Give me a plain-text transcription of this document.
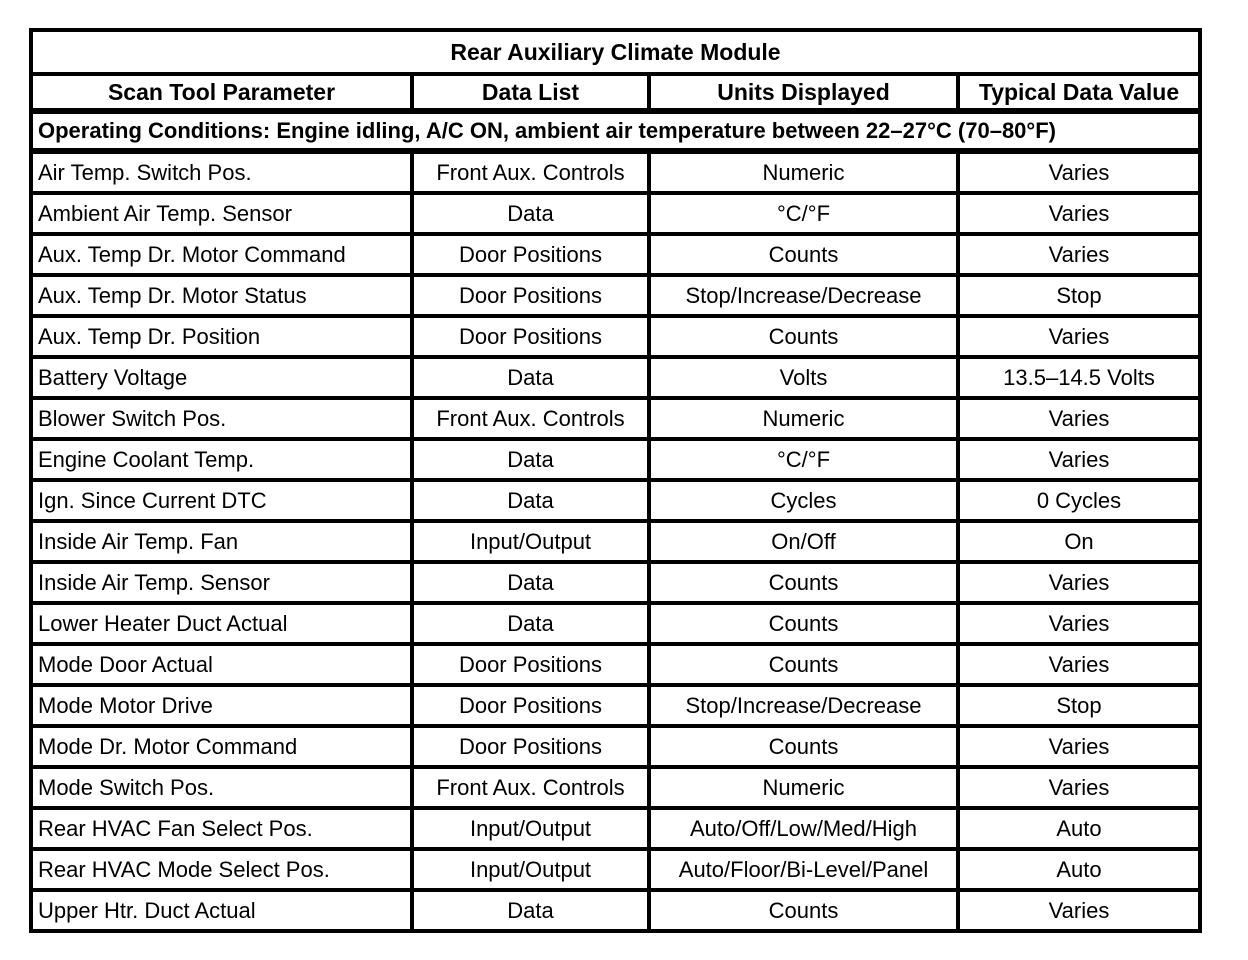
Rear Auxiliary Climate Module			
Scan Tool Parameter	Data List	Units Displayed	Typical Data Value
Operating Conditions: Engine idling, A/C ON, ambient air temperature between 22–27°C (70–80°F)			
Air Temp. Switch Pos.	Front Aux. Controls	Numeric	Varies
Ambient Air Temp. Sensor	Data	°C/°F	Varies
Aux. Temp Dr. Motor Command	Door Positions	Counts	Varies
Aux. Temp Dr. Motor Status	Door Positions	Stop/Increase/Decrease	Stop
Aux. Temp Dr. Position	Door Positions	Counts	Varies
Battery Voltage	Data	Volts	13.5–14.5 Volts
Blower Switch Pos.	Front Aux. Controls	Numeric	Varies
Engine Coolant Temp.	Data	°C/°F	Varies
Ign. Since Current DTC	Data	Cycles	0 Cycles
Inside Air Temp. Fan	Input/Output	On/Off	On
Inside Air Temp. Sensor	Data	Counts	Varies
Lower Heater Duct Actual	Data	Counts	Varies
Mode Door Actual	Door Positions	Counts	Varies
Mode Motor Drive	Door Positions	Stop/Increase/Decrease	Stop
Mode Dr. Motor Command	Door Positions	Counts	Varies
Mode Switch Pos.	Front Aux. Controls	Numeric	Varies
Rear HVAC Fan Select Pos.	Input/Output	Auto/Off/Low/Med/High	Auto
Rear HVAC Mode Select Pos.	Input/Output	Auto/Floor/Bi-Level/Panel	Auto
Upper Htr. Duct Actual	Data	Counts	Varies
